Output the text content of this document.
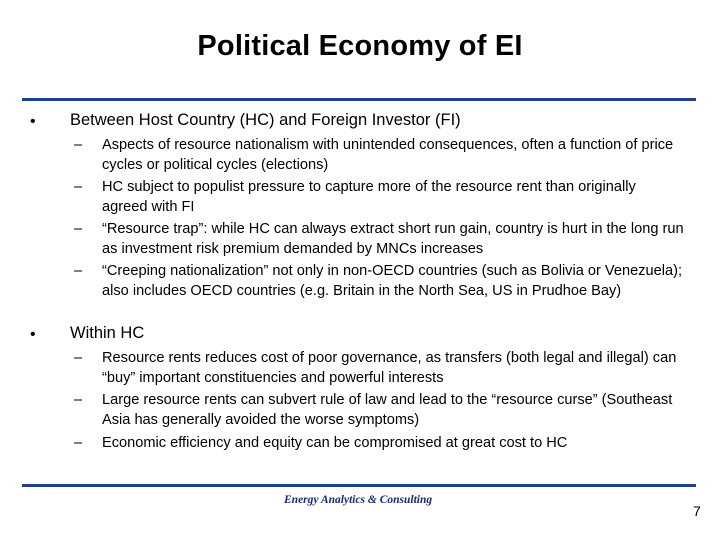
Political Economy of EI
• Between Host Country (HC) and Foreign Investor (FI)
– Aspects of resource nationalism with unintended consequences, often a function of price cycles or political cycles (elections)
– HC subject to populist pressure to capture more of the resource rent than originally agreed with FI
– “Resource trap”: while HC can always extract short run gain, country is hurt in the long run as investment risk premium demanded by MNCs increases
– “Creeping nationalization” not only in non-OECD countries (such as Bolivia or Venezuela); also includes OECD countries (e.g. Britain in the North Sea, US in Prudhoe Bay)
• Within HC
– Resource rents reduces cost of poor governance, as transfers (both legal and illegal) can “buy” important constituencies and powerful interests
– Large resource rents can subvert rule of law and lead to the “resource curse” (Southeast Asia has generally avoided the worse symptoms)
– Economic efficiency and equity can be compromised at great cost to HC
Energy Analytics & Consulting
7
